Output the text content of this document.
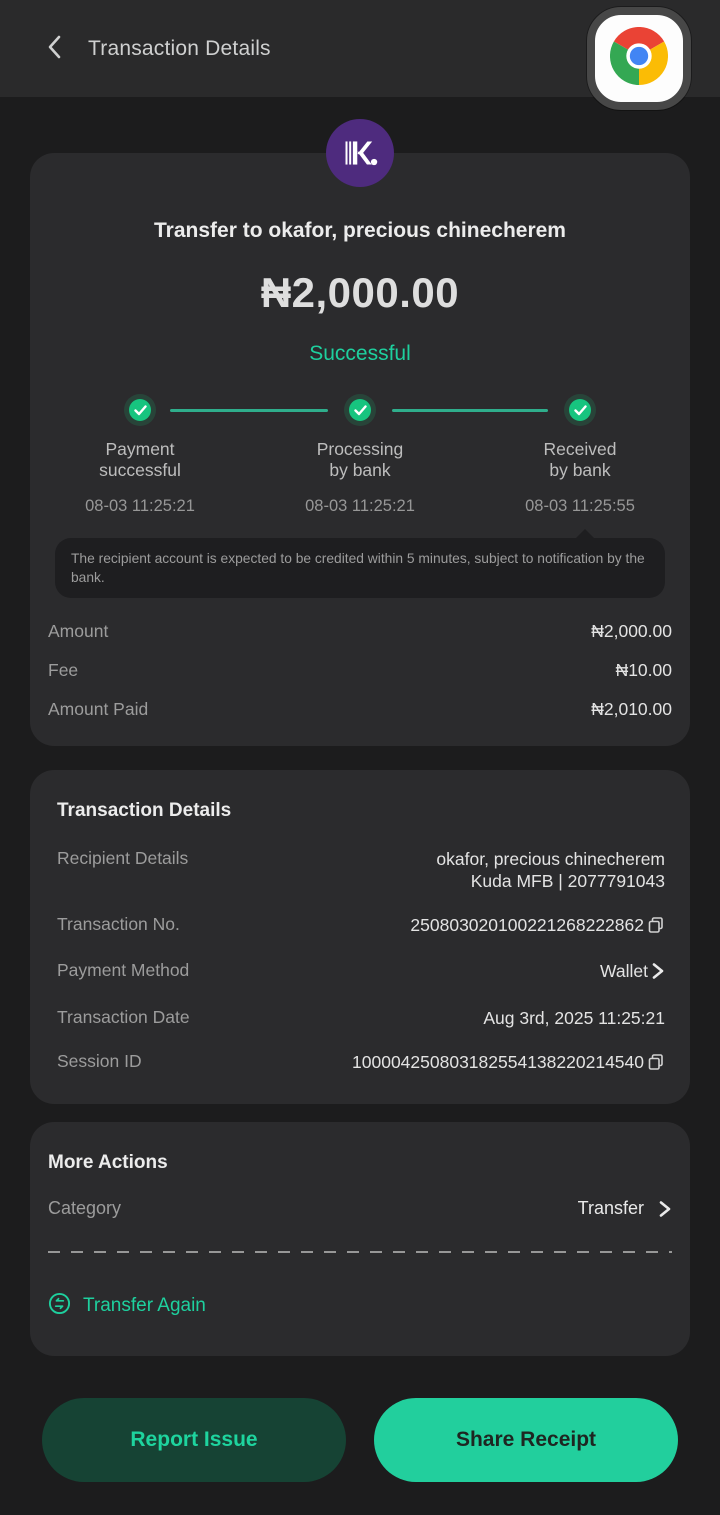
Transaction Details
Transfer to okafor, precious chinecherem
₦2,000.00
Successful
Payment
successful
Processing
by bank
Received
by bank
08-03 11:25:21	08-03 11:25:21	08-03 11:25:55
The recipient account is expected to be credited within 5 minutes, subject to notification by the bank.
Amount	₦2,000.00
Fee	₦10.00
Amount Paid	₦2,010.00
Transaction Details
Recipient Details	okafor, precious chinecherem
Kuda MFB | 2077791043
Transaction No.	250803020100221268222862
Payment Method	Wallet
Transaction Date	Aug 3rd, 2025 11:25:21
Session ID	100004250803182554138220214540
More Actions
Category	Transfer
Transfer Again
Report Issue	Share Receipt
